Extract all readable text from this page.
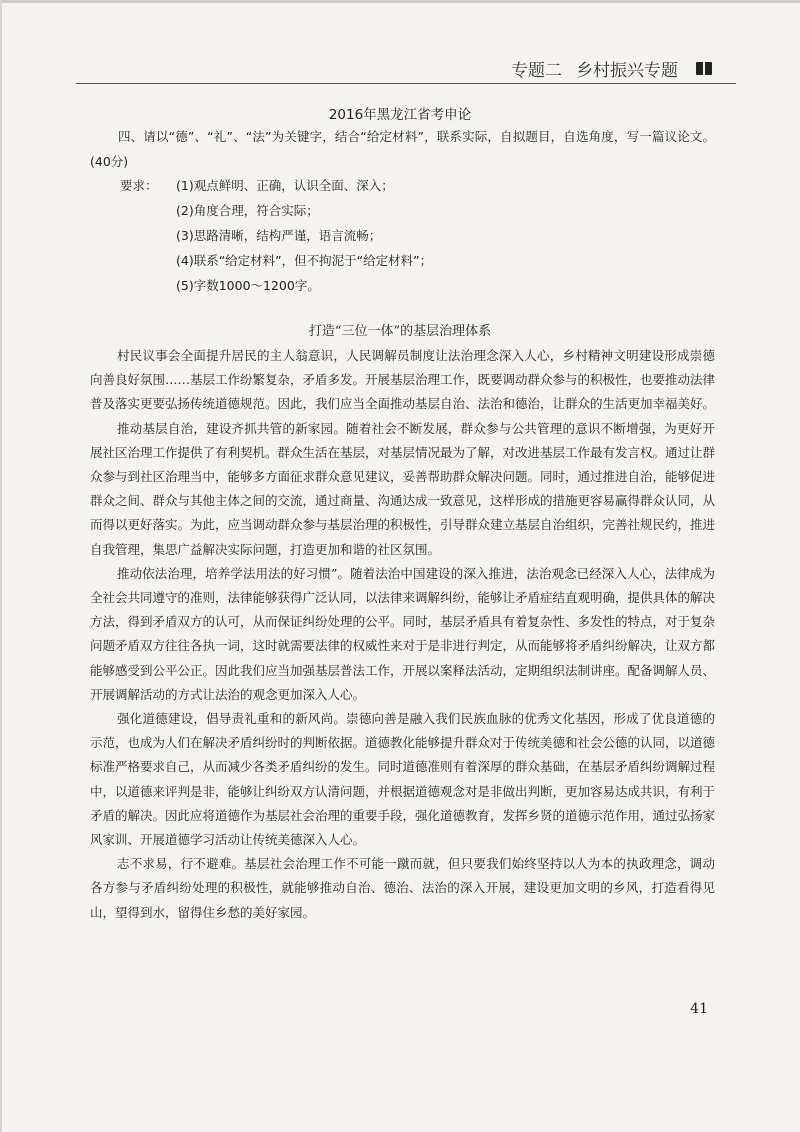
专题二 乡村振兴专题
2016年黑龙江省考申论
四、请以“德”、“礼”、“法”为关键字，结合“给定材料”，联系实际，自拟题目，自选角度，写一篇议论文。(40分)
要求： (1)观点鲜明、正确，认识全面、深入；
(2)角度合理，符合实际；
(3)思路清晰，结构严谨，语言流畅；
(4)联系“给定材料”，但不拘泥于“给定材料”；
(5)字数1000～1200字。
打造“三位一体”的基层治理体系

村民议事会全面提升居民的主人翁意识，人民调解员制度让法治理念深入人心，乡村精神文明建设形成崇德向善良好氛围……基层工作纷繁复杂，矛盾多发。开展基层治理工作，既要调动群众参与的积极性，也要推动法律普及落实更要弘扬传统道德规范。因此，我们应当全面推动基层自治、法治和德治，让群众的生活更加幸福美好。

推动基层自治，建设齐抓共管的新家园。随着社会不断发展，群众参与公共管理的意识不断增强，为更好开展社区治理工作提供了有利契机。群众生活在基层，对基层情况最为了解，对改进基层工作最有发言权。通过让群众参与到社区治理当中，能够多方面征求群众意见建议，妥善帮助群众解决问题。同时，通过推进自治，能够促进群众之间、群众与其他主体之间的交流，通过商量、沟通达成一致意见，这样形成的措施更容易赢得群众认同，从而得以更好落实。为此，应当调动群众参与基层治理的积极性，引导群众建立基层自治组织，完善社规民约，推进自我管理，集思广益解决实际问题，打造更加和谐的社区氛围。

推动依法治理，培养学法用法的好习惯”。随着法治中国建设的深入推进，法治观念已经深入人心，法律成为全社会共同遵守的准则，法律能够获得广泛认同，以法律来调解纠纷，能够让矛盾症结直观明确，提供具体的解决方法，得到矛盾双方的认可，从而保证纠纷处理的公平。同时，基层矛盾具有着复杂性、多发性的特点，对于复杂问题矛盾双方往往各执一词，这时就需要法律的权威性来对于是非进行判定，从而能够将矛盾纠纷解决，让双方都能够感受到公平公正。因此我们应当加强基层普法工作，开展以案释法活动，定期组织法制讲座。配备调解人员、开展调解活动的方式让法治的观念更加深入人心。

强化道德建设，倡导责礼重和的新风尚。崇德向善是融入我们民族血脉的优秀文化基因，形成了优良道德的示范，也成为人们在解决矛盾纠纷时的判断依据。道德教化能够提升群众对于传统美德和社会公德的认同，以道德标准严格要求自己，从而减少各类矛盾纠纷的发生。同时道德准则有着深厚的群众基础，在基层矛盾纠纷调解过程中，以道德来评判是非，能够让纠纷双方认清问题，并根据道德观念对是非做出判断，更加容易达成共识，有利于矛盾的解决。因此应将道德作为基层社会治理的重要手段，强化道德教育，发挥乡贤的道德示范作用，通过弘扬家风家训、开展道德学习活动让传统美德深入人心。

志不求易，行不避难。基层社会治理工作不可能一蹴而就，但只要我们始终坚持以人为本的执政理念，调动各方参与矛盾纠纷处理的积极性，就能够推动自治、德治、法治的深入开展，建设更加文明的乡风，打造看得见山，望得到水，留得住乡愁的美好家园。

41
